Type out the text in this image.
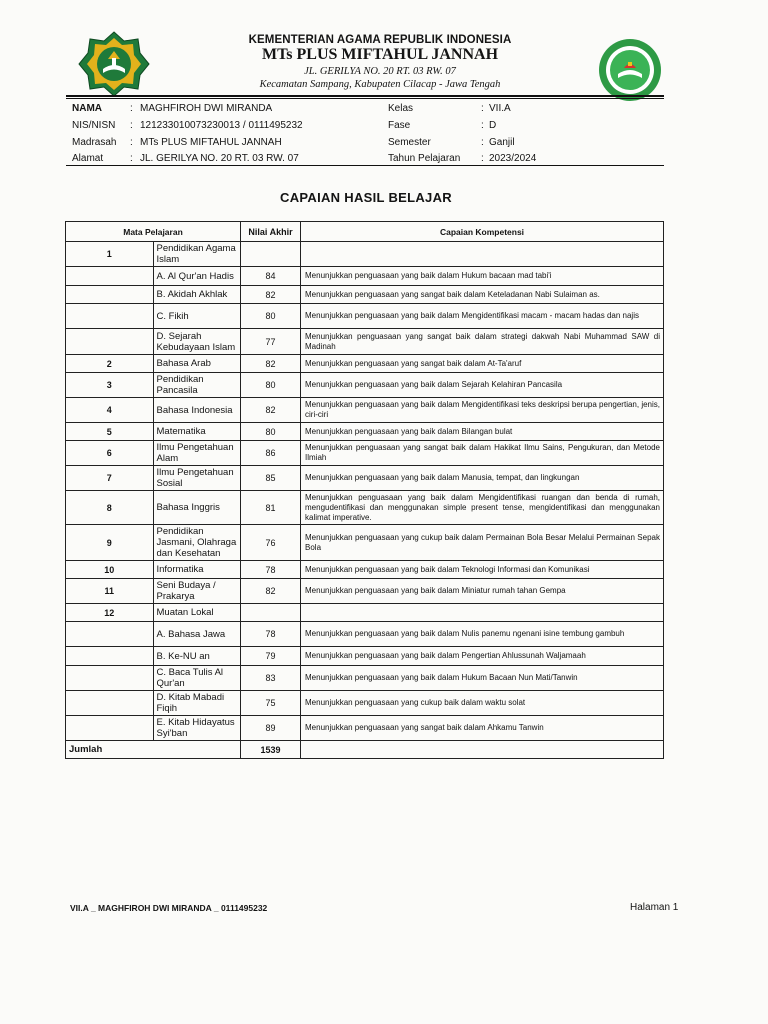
KEMENTERIAN AGAMA REPUBLIK INDONESIA
MTs PLUS MIFTAHUL JANNAH
JL. GERILYA NO. 20 RT. 03 RW. 07
Kecamatan Sampang, Kabupaten Cilacap - Jawa Tengah
NAMA	: MAGHFIROH DWI MIRANDA
NIS/NISN : 121233010073230013 / 0111495232
Madrasah : MTs PLUS MIFTAHUL JANNAH
Alamat	: JL. GERILYA NO. 20 RT. 03 RW. 07
Kelas	: VII.A
Fase	: D
Semester	: Ganjil
Tahun Pelajaran : 2023/2024
CAPAIAN HASIL BELAJAR
Mata Pelajaran		Nilai Akhir	Capaian Kompetensi
1	Pendidikan Agama Islam		
	A. Al Qur'an Hadis	84	Menunjukkan penguasaan yang baik dalam Hukum bacaan mad tabi'i
	B. Akidah Akhlak	82	Menunjukkan penguasaan yang sangat baik dalam Keteladanan Nabi Sulaiman as.
	C. Fikih	80	Menunjukkan penguasaan yang baik dalam Mengidentifikasi macam - macam hadas dan najis
	D. Sejarah Kebudayaan Islam	77	Menunjukkan penguasaan yang sangat baik dalam strategi dakwah Nabi Muhammad SAW di Madinah
2	Bahasa Arab	82	Menunjukkan penguasaan yang sangat baik dalam At-Ta'aruf
3	Pendidikan Pancasila	80	Menunjukkan penguasaan yang baik dalam Sejarah Kelahiran Pancasila
4	Bahasa Indonesia	82	Menunjukkan penguasaan yang baik dalam Mengidentifikasi teks deskripsi berupa pengertian, jenis, ciri-ciri
5	Matematika	80	Menunjukkan penguasaan yang baik dalam Bilangan bulat
6	Ilmu Pengetahuan Alam	86	Menunjukkan penguasaan yang sangat baik dalam Hakikat Ilmu Sains, Pengukuran, dan Metode Ilmiah
7	Ilmu Pengetahuan Sosial	85	Menunjukkan penguasaan yang baik dalam Manusia, tempat, dan lingkungan
8	Bahasa Inggris	81	Menunjukkan penguasaan yang baik dalam Mengidentifikasi ruangan dan benda di rumah, mengudentifikasi dan menggunakan simple present tense, mengidentifikasi dan menggunakan kalimat imperative.
9	Pendidikan Jasmani, Olahraga dan Kesehatan	76	Menunjukkan penguasaan yang cukup baik dalam Permainan Bola Besar Melalui Permainan Sepak Bola
10	Informatika	78	Menunjukkan penguasaan yang baik dalam Teknologi Informasi dan Komunikasi
11	Seni Budaya / Prakarya	82	Menunjukkan penguasaan yang baik dalam Miniatur rumah tahan Gempa
12	Muatan Lokal		
	A. Bahasa Jawa	78	Menunjukkan penguasaan yang baik dalam Nulis panemu ngenani isine tembung gambuh
	B. Ke-NU an	79	Menunjukkan penguasaan yang baik dalam Pengertian Ahlussunah Waljamaah
	C. Baca Tulis Al Qur'an	83	Menunjukkan penguasaan yang baik dalam Hukum Bacaan Nun Mati/Tanwin
	D. Kitab Mabadi Fiqih	75	Menunjukkan penguasaan yang cukup baik dalam waktu solat
	E. Kitab Hidayatus Syi'ban	89	Menunjukkan penguasaan yang sangat baik dalam Ahkamu Tanwin
Jumlah		1539	
VII.A _ MAGHFIROH DWI MIRANDA _ 0111495232	Halaman 1
